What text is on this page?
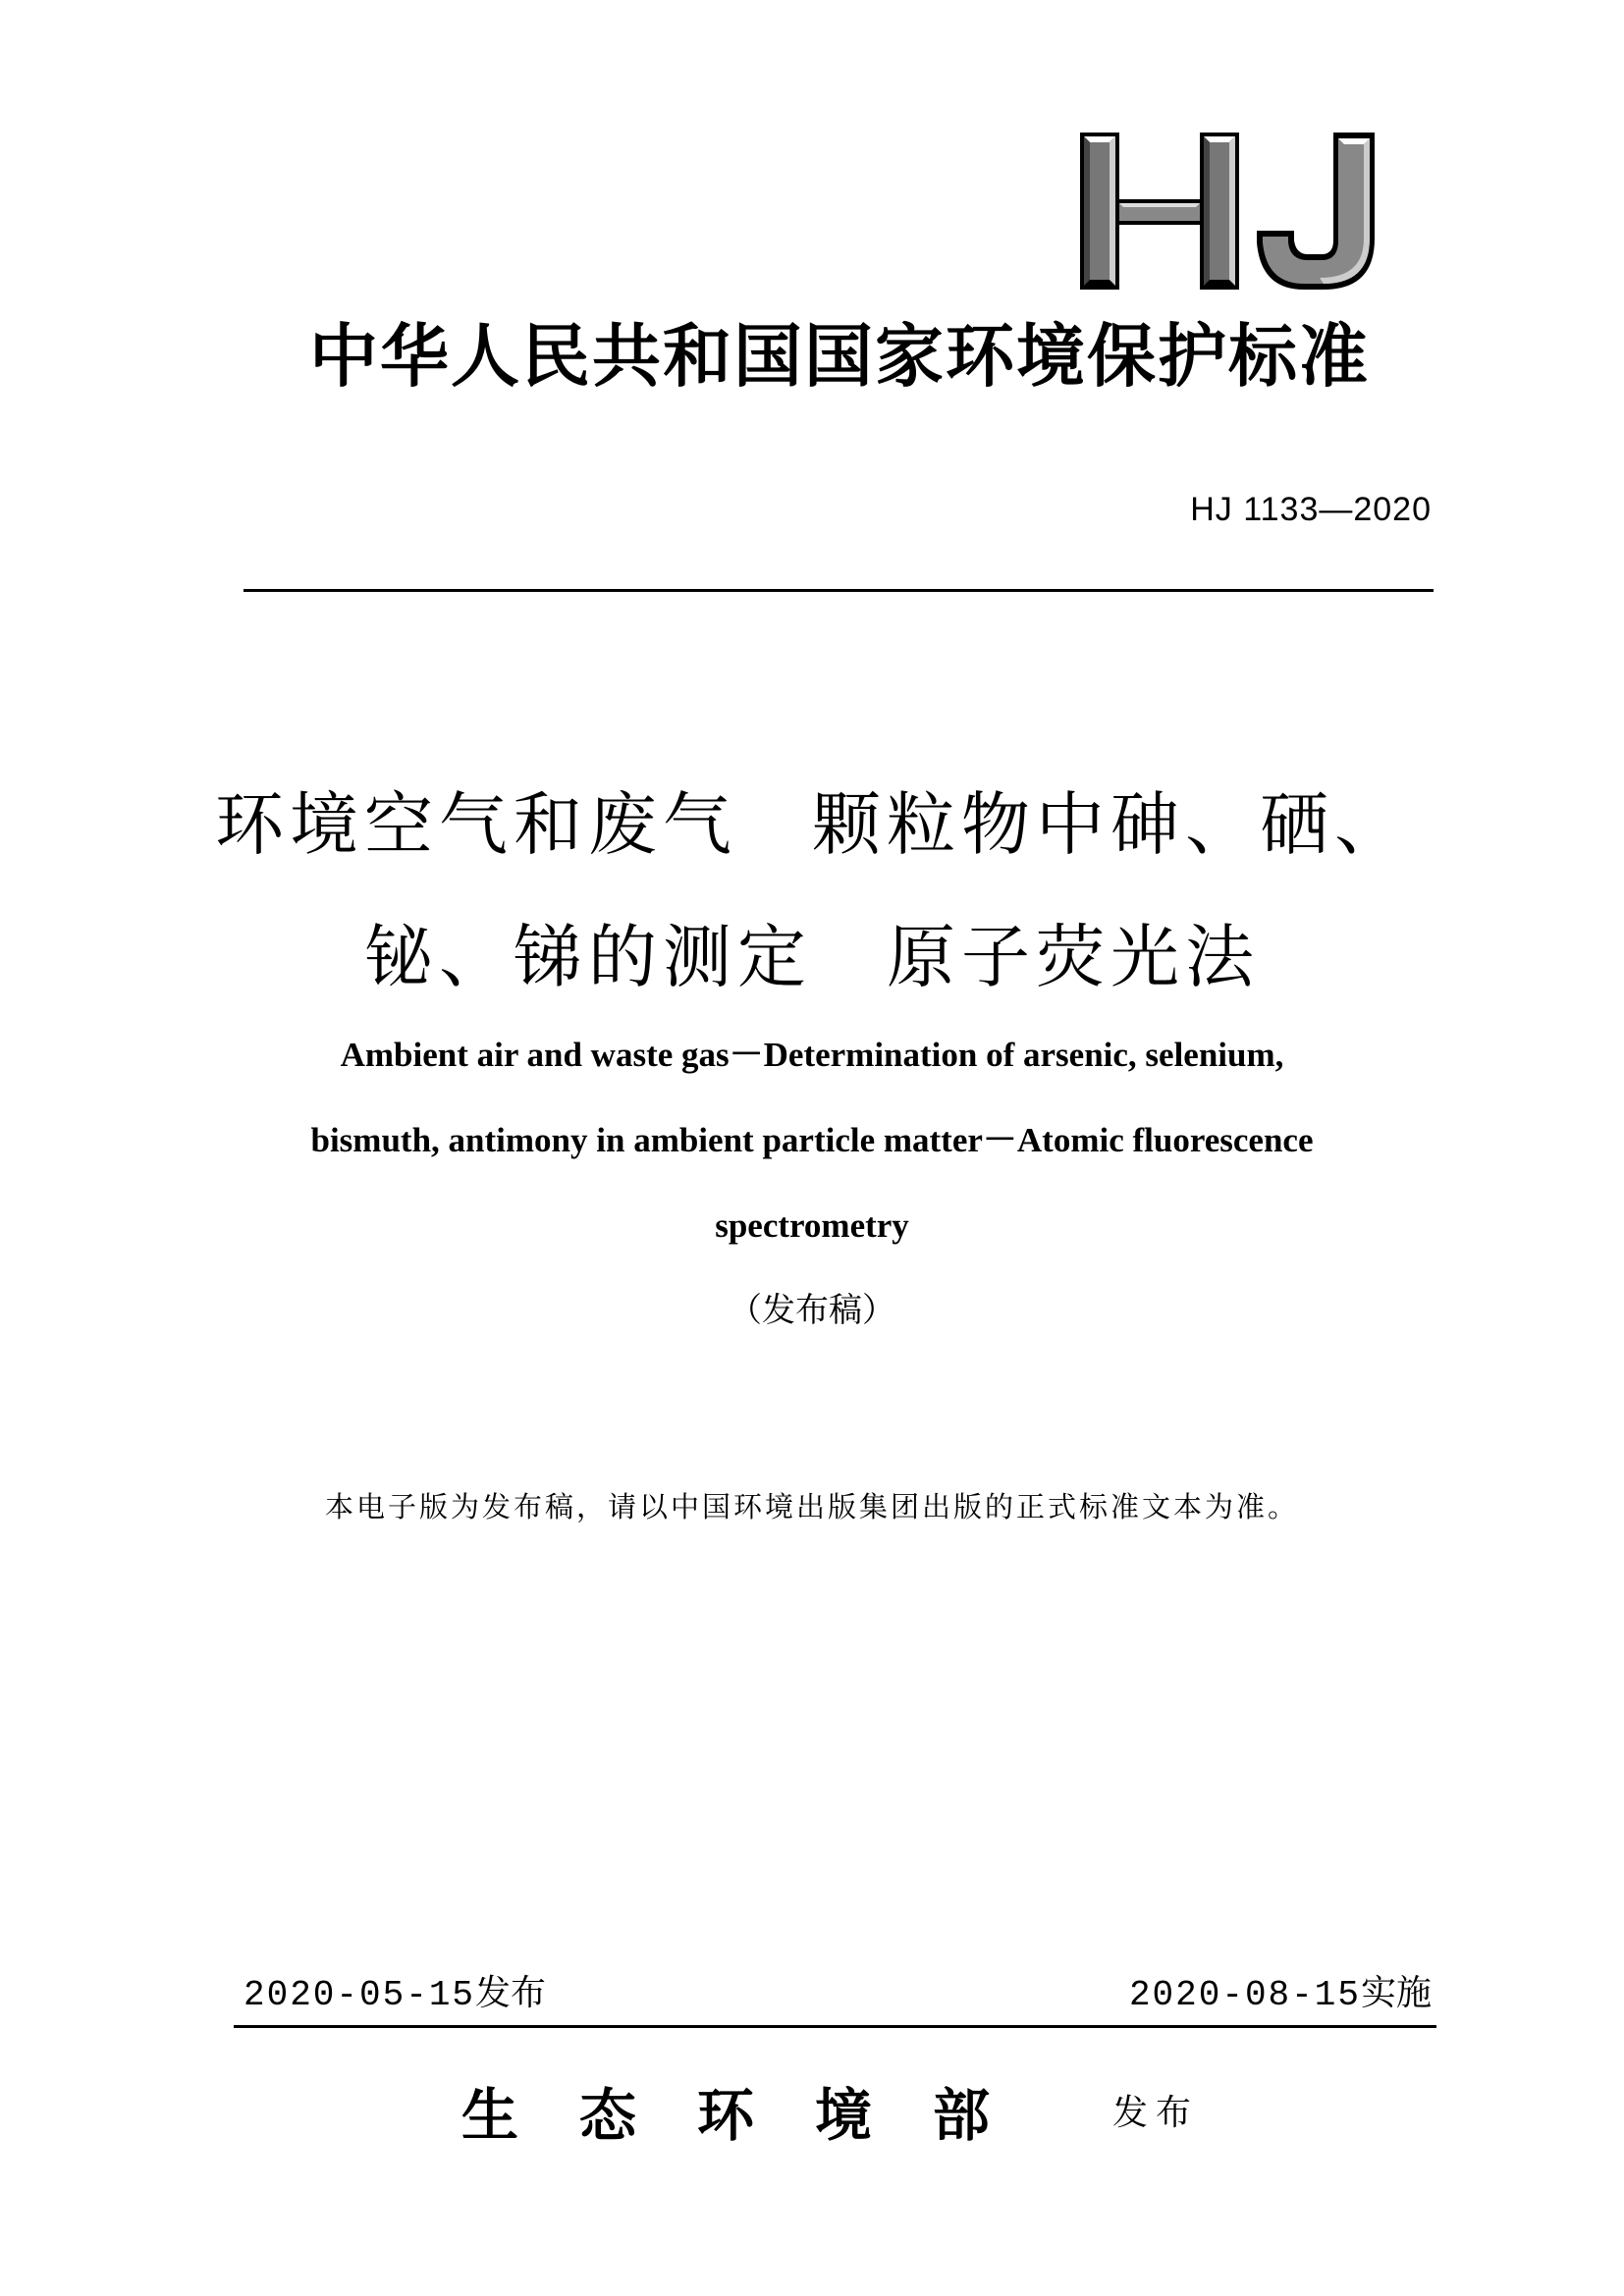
中华人民共和国国家环境保护标准
HJ 1133—2020
环境空气和废气　颗粒物中砷、硒、
铋、锑的测定　原子荧光法
Ambient air and waste gas－Determination of arsenic, selenium,
bismuth, antimony in ambient particle matter－Atomic fluorescence
spectrometry
（发布稿）
本电子版为发布稿，请以中国环境出版集团出版的正式标准文本为准。
2020-05-15发布	2020-08-15实施
生态环境部 发布
